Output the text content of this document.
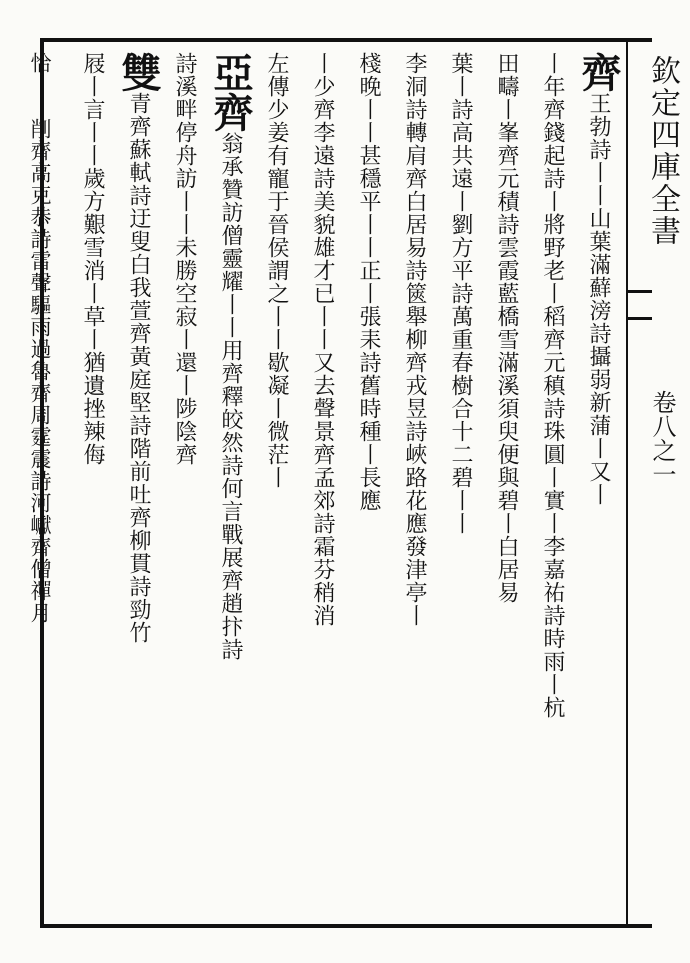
欽定四庫全書
卷八之一
齊王勃詩丨丨山葉滿蘚滂詩攝弱新蒲丨又丨
丨年齊錢起詩丨將野老丨稻齊元稹詩珠圓丨實丨李嘉祐詩時雨丨杭
田疇丨峯齊元積詩雲霞藍橋雪滿溪須臾便與碧丨白居易
葉丨詩高共遠丨劉方平詩萬重春樹合十二碧丨丨
李洞詩轉肩齊白居易詩篋舉柳齊戎昱詩峽路花應發津亭丨
棧晚丨丨甚穩平丨丨正丨張耒詩舊時種丨長應
丨少齊李遠詩美貌雄才已丨丨又去聲景齊孟郊詩霜芬稍消
左傳少姜有寵于晉侯謂之丨丨歇凝丨微茫丨
亞齊翁承贊訪僧靈耀丨丨用齊釋皎然詩何言戰展齊趙抃詩
詩溪畔停舟訪丨丨未勝空寂丨還丨陟陰齊
雙青齊蘇軾詩迂叟白我萱齊黃庭堅詩階前吐齊柳貫詩勁竹
屐丨言丨丨歲方艱雪消丨草丨猶遺挫辣侮
恰丨丨削齊高克恭詩雷聲驅雨過魯齊周霆震詩河巘齊僧禪月
